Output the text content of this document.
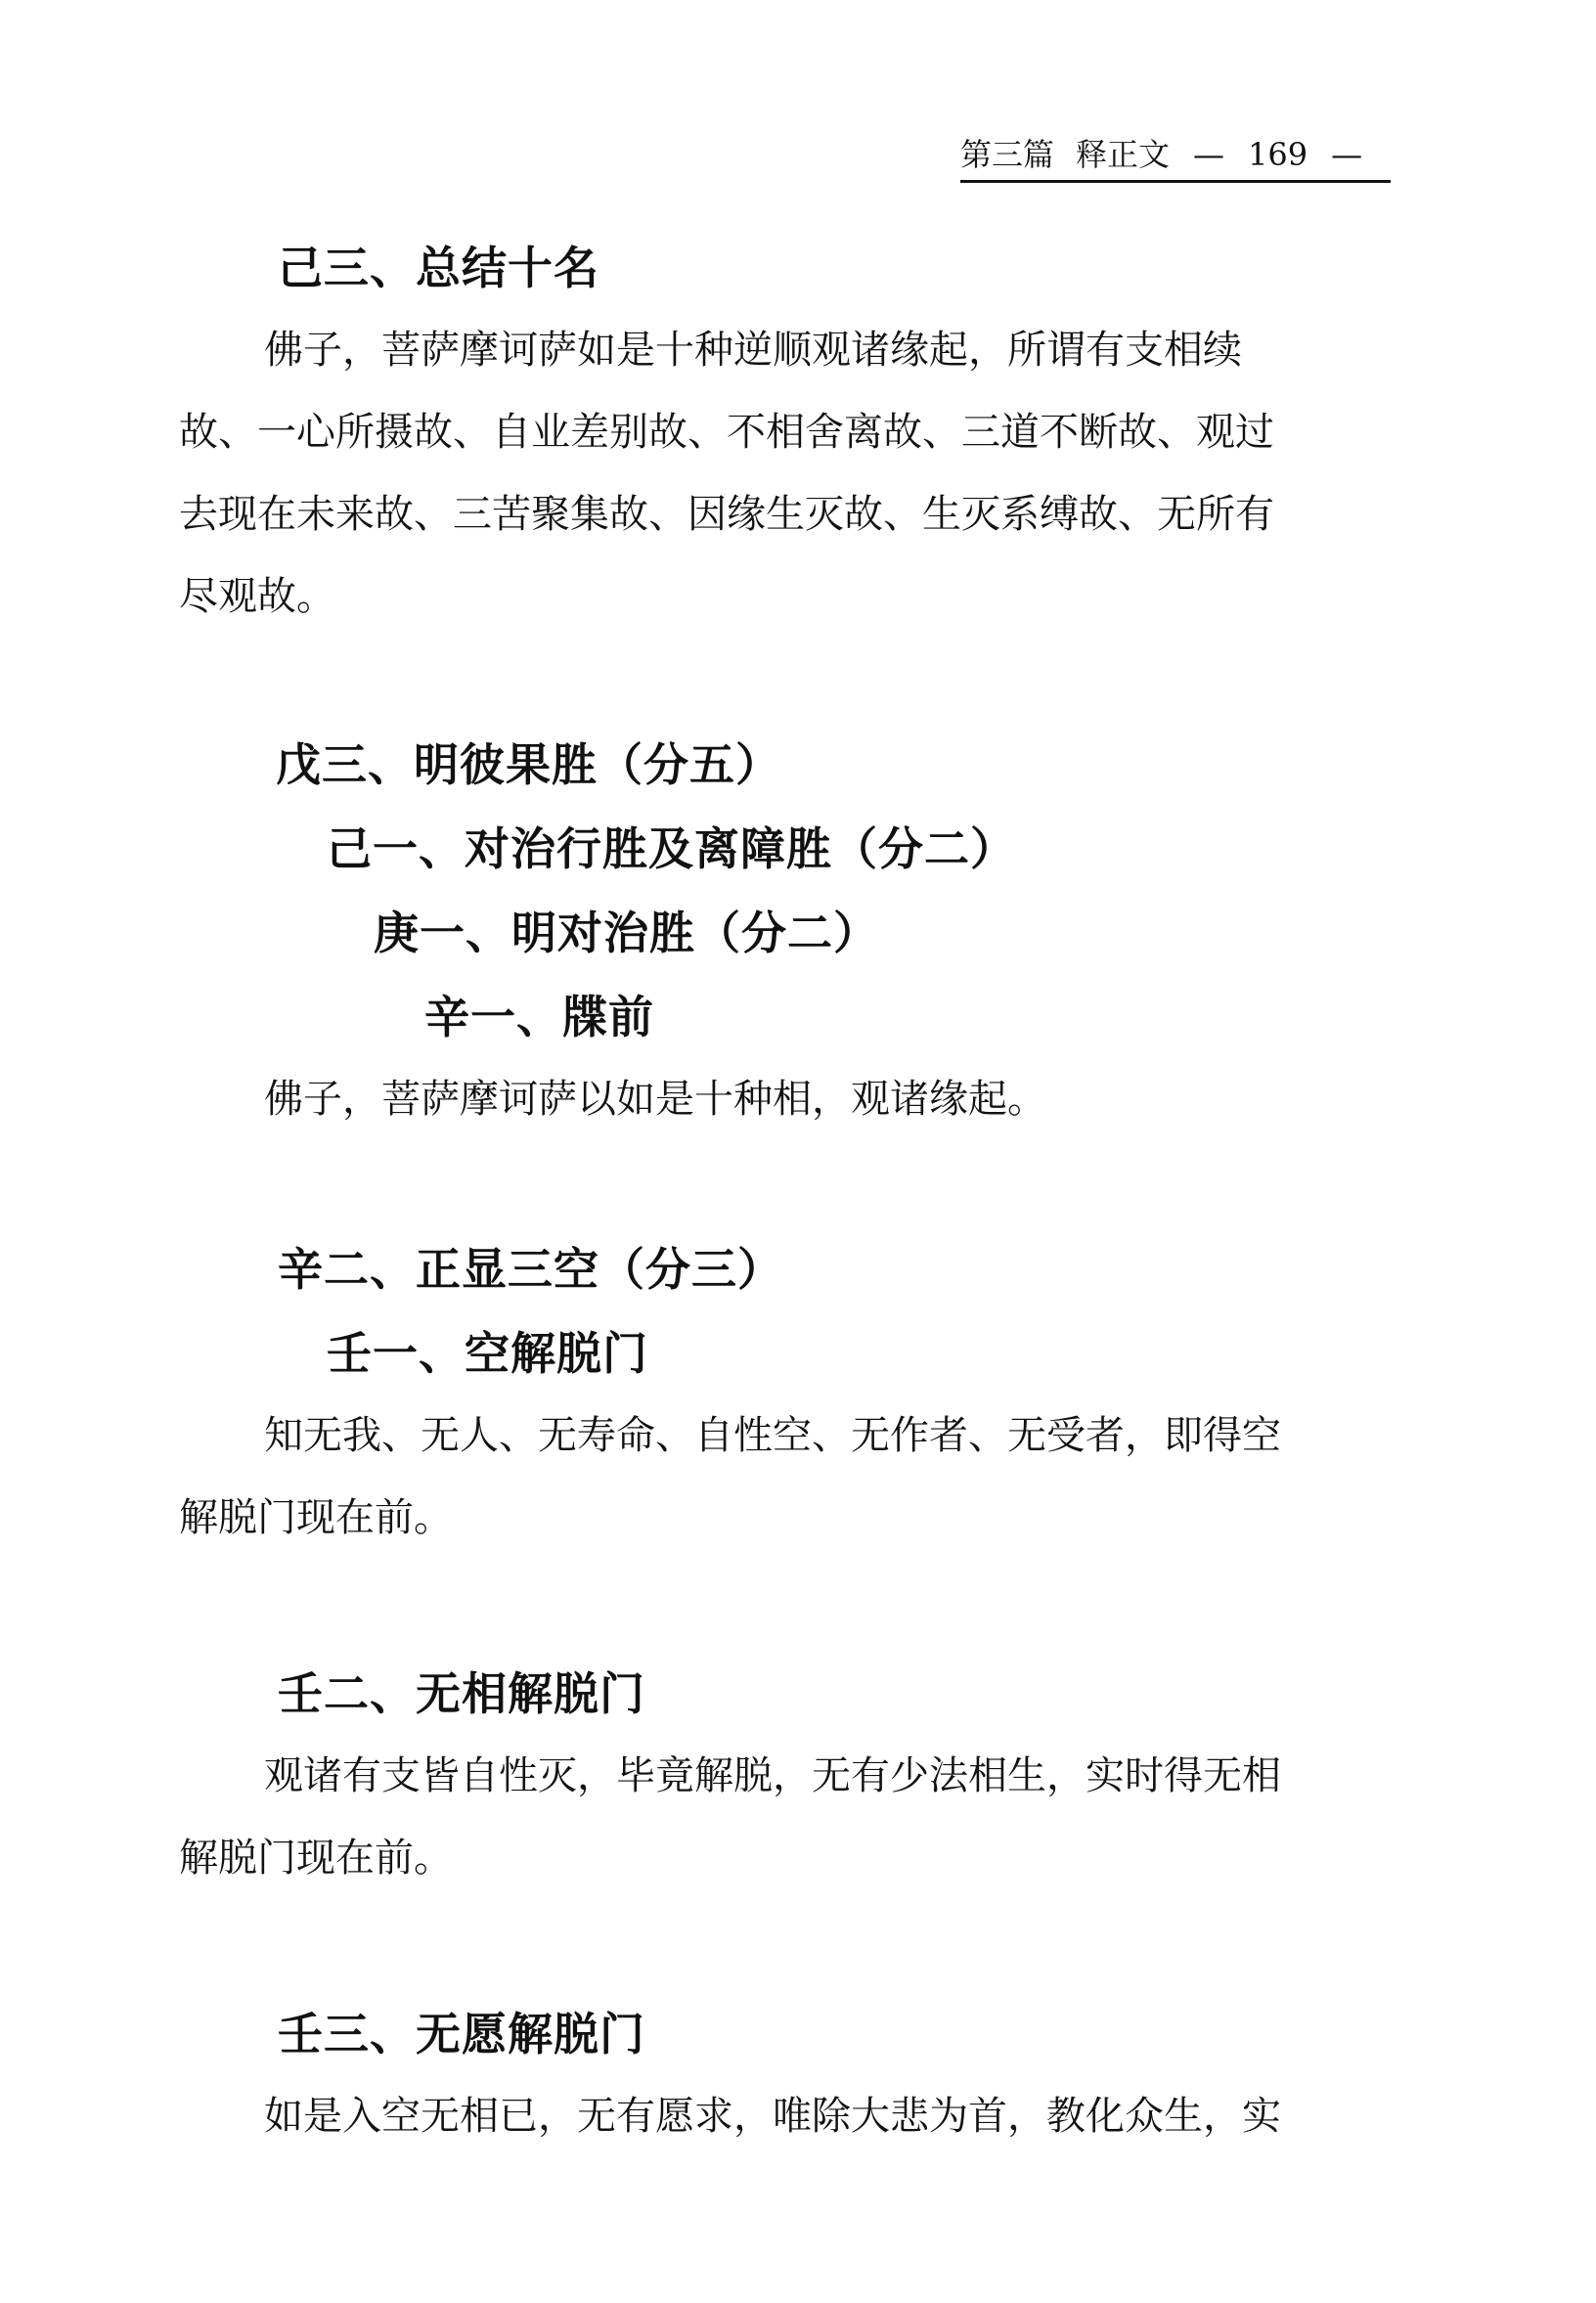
第三篇 释正文 — 169 —
己三、总结十名
佛子，菩萨摩诃萨如是十种逆顺观诸缘起，所谓有支相续
故、一心所摄故、自业差别故、不相舍离故、三道不断故、观过
去现在未来故、三苦聚集故、因缘生灭故、生灭系缚故、无所有
尽观故。
戊三、明彼果胜（分五）
己一、对治行胜及离障胜（分二）
庚一、明对治胜（分二）
辛一、牒前
佛子，菩萨摩诃萨以如是十种相，观诸缘起。
辛二、正显三空（分三）
壬一、空解脱门
知无我、无人、无寿命、自性空、无作者、无受者，即得空
解脱门现在前。
壬二、无相解脱门
观诸有支皆自性灭，毕竟解脱，无有少法相生，实时得无相
解脱门现在前。
壬三、无愿解脱门
如是入空无相已，无有愿求，唯除大悲为首，教化众生，实
